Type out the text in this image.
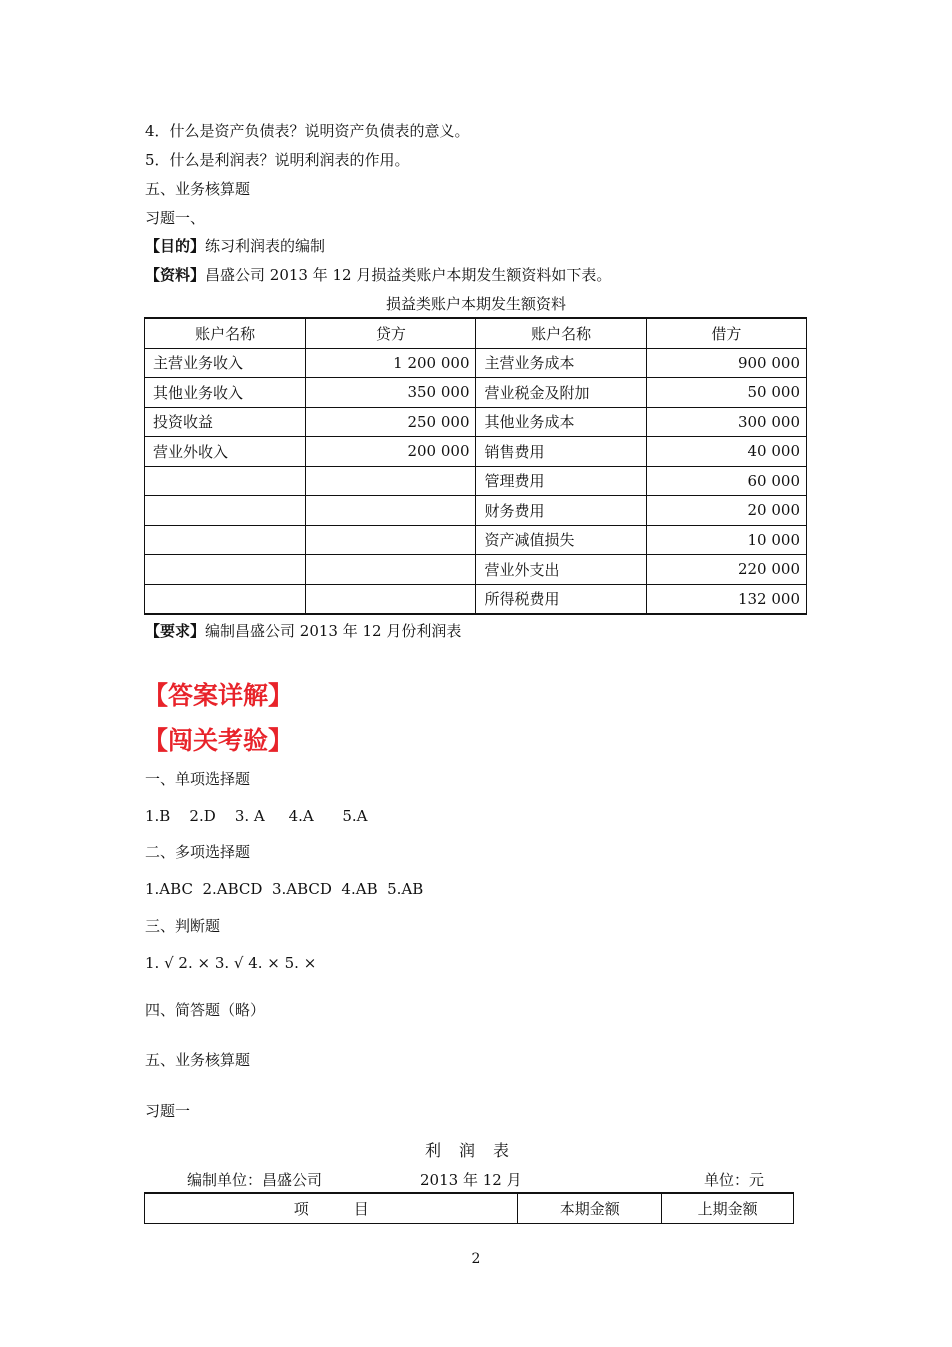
4．什么是资产负债表？说明资产负债表的意义。
5．什么是利润表？说明利润表的作用。
五、业务核算题
习题一、
【目的】练习利润表的编制
【资料】昌盛公司 2013 年 12 月损益类账户本期发生额资料如下表。
损益类账户本期发生额资料
账户名称	贷方	账户名称	借方
主营业务收入	1 200 000	主营业务成本	900 000
其他业务收入	350 000	营业税金及附加	50 000
投资收益	250 000	其他业务成本	300 000
营业外收入	200 000	销售费用	40 000
		管理费用	60 000
		财务费用	20 000
		资产减值损失	10 000
		营业外支出	220 000
		所得税费用	132 000
【要求】编制昌盛公司 2013 年 12 月份利润表
【答案详解】
【闯关考验】
一、单项选择题
1.B    2.D    3. A     4.A      5.A
二、多项选择题
1.ABC  2.ABCD  3.ABCD  4.AB  5.AB
三、判断题
1. √ 2. × 3. √ 4. × 5. ×
四、简答题（略）
五、业务核算题
习题一
利润表
编制单位：昌盛公司	2013 年 12 月	单位：元
项　　　目	本期金额	上期金额
2
